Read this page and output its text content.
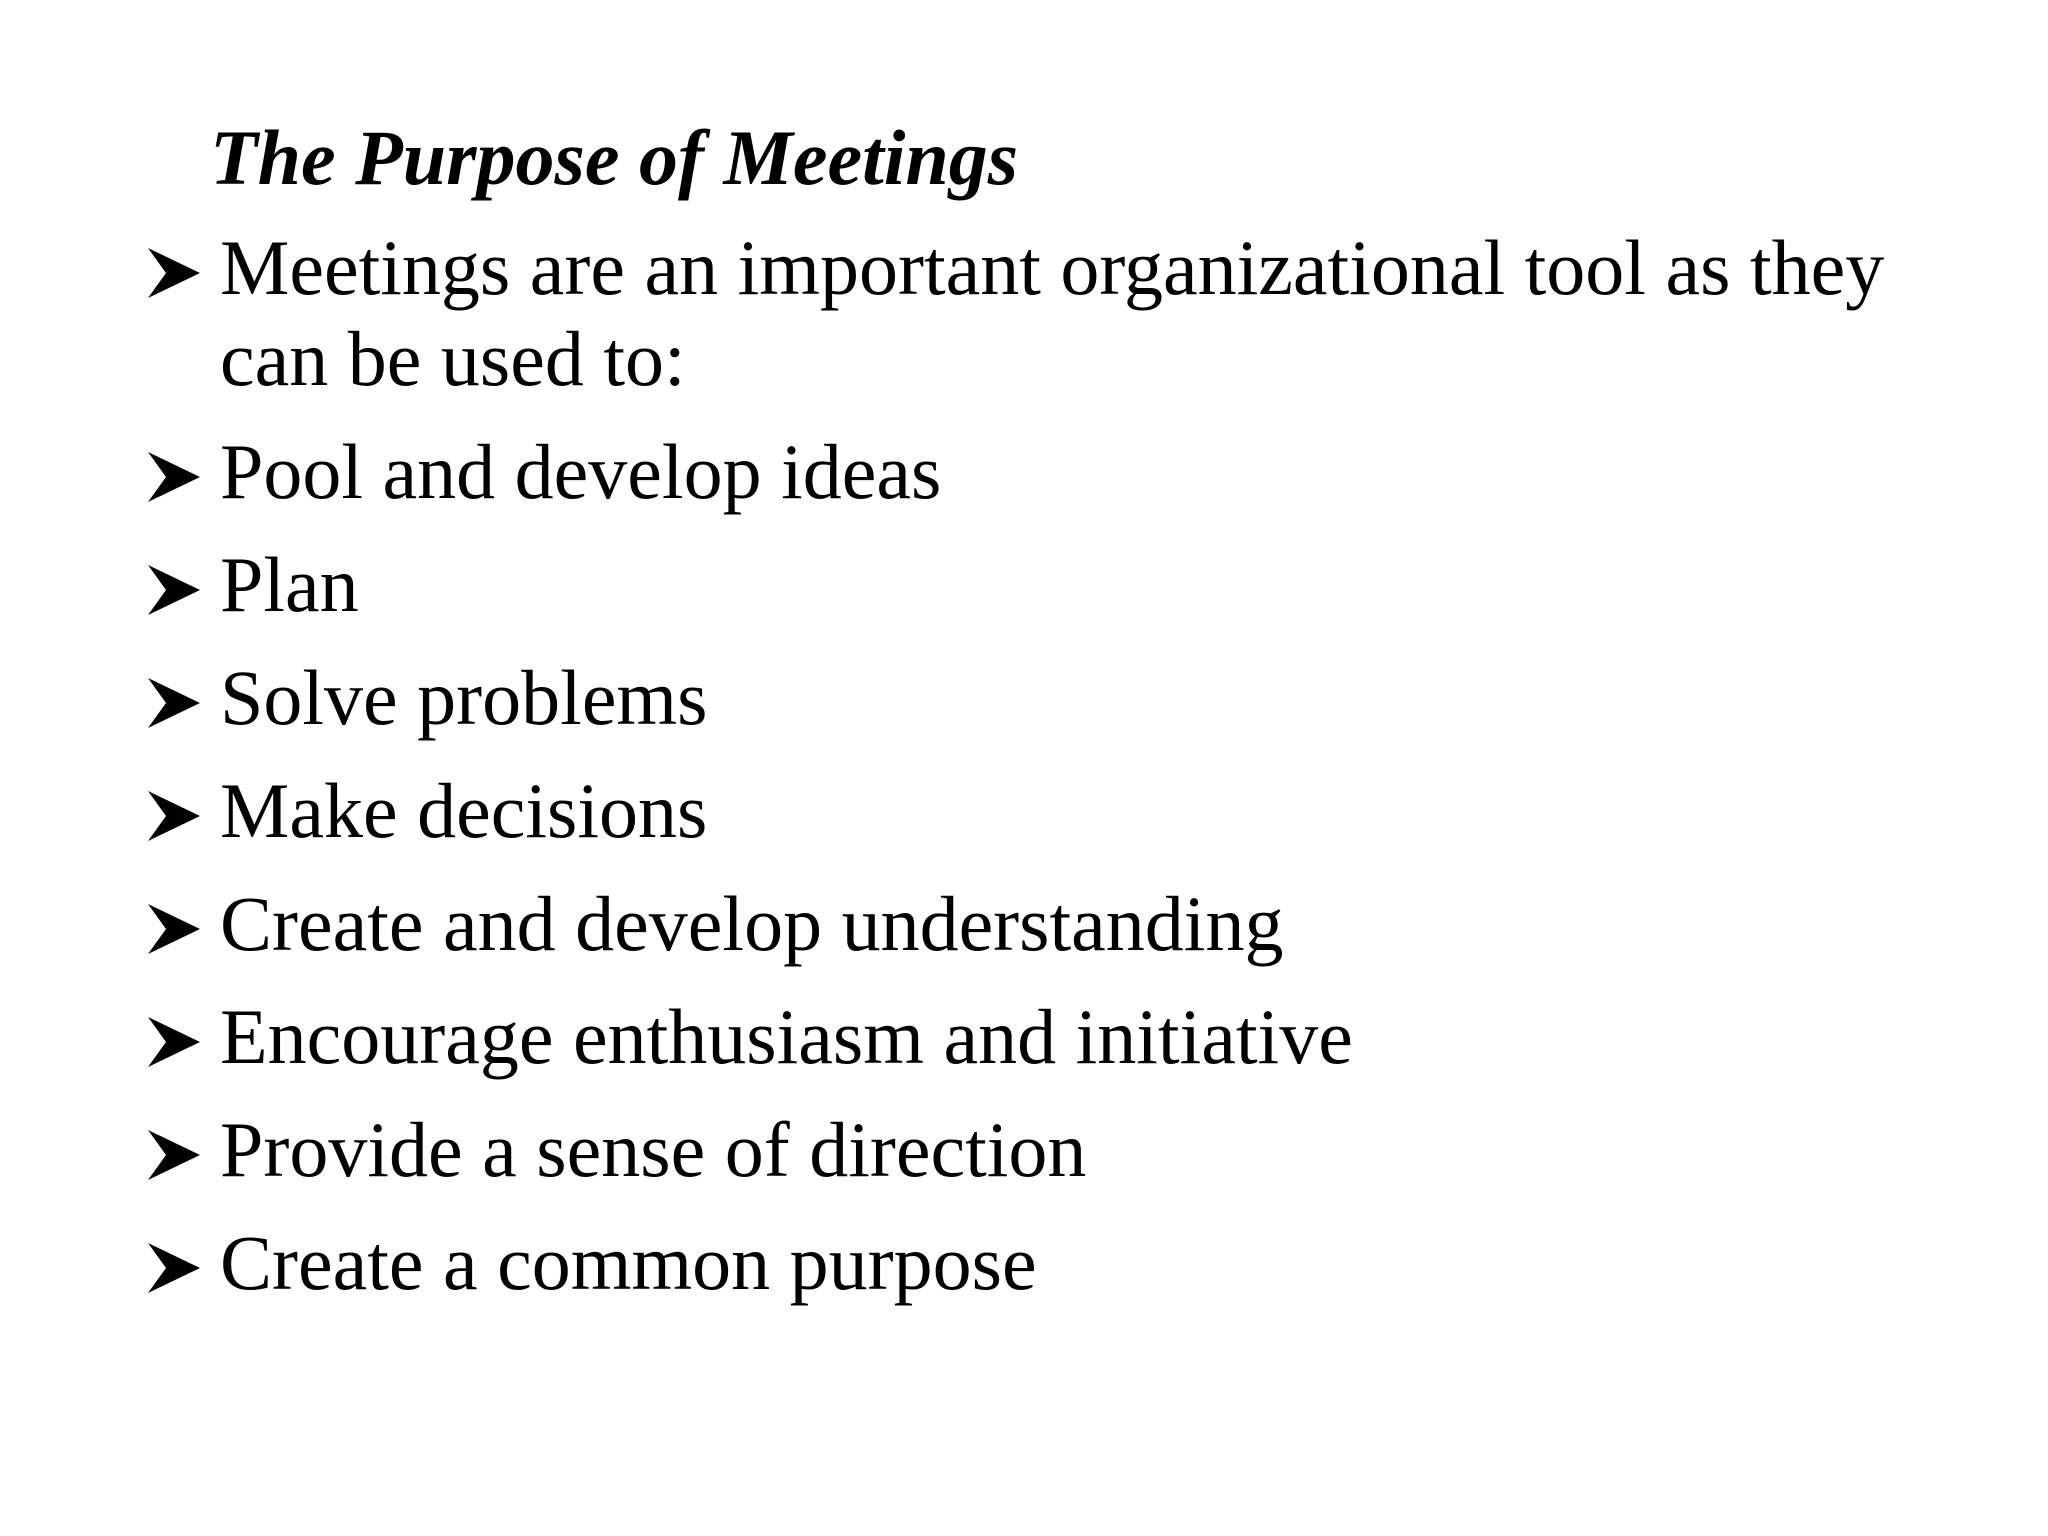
The Purpose of Meetings
Meetings are an important organizational tool as they can be used to:
Pool and develop ideas
Plan
Solve problems
Make decisions
Create and develop understanding
Encourage enthusiasm and initiative
Provide a sense of direction
Create a common purpose
